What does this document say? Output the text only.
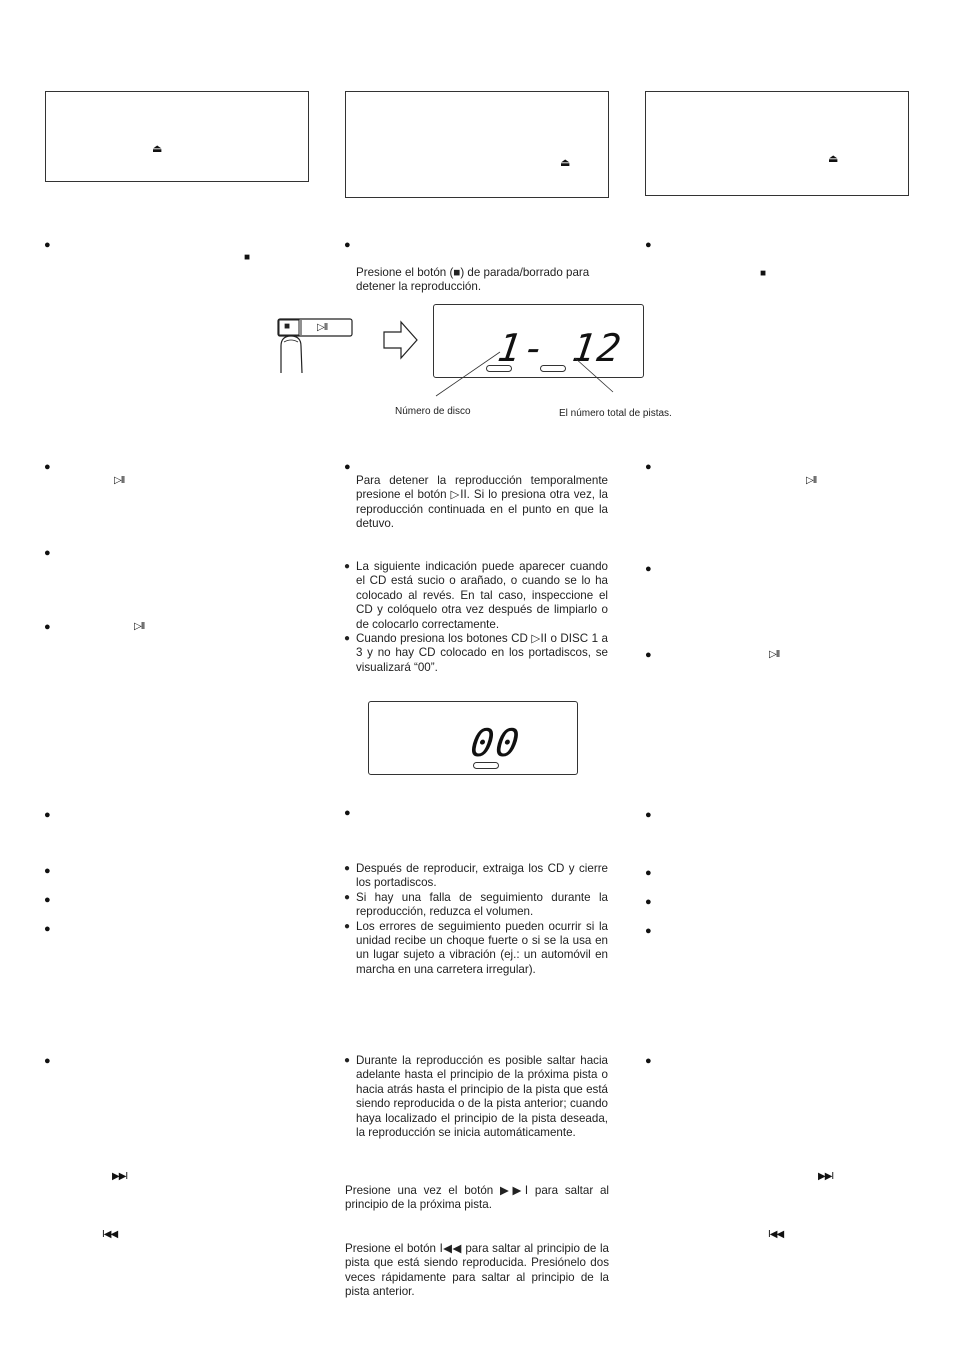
⏏
⏏	⏏
●
■
●
▷II
●
●	▷II
●
●
●
●
●
▶▶I
I◀◀
●
■
●
▷II
●
●	▷II
●
●
●
●
●
▶▶I
I◀◀
●
Presione el botón (■) de parada/borrado para detener la reproducción.
■	▷II	1- 12
Número de disco	El número total de pistas.
●
Para detener la reproducción temporalmente presione el botón ▷II. Si lo presiona otra vez, la reproducción continuada en el punto en que la detuvo.
● La siguiente indicación puede aparecer cuando el CD está sucio o arañado, o cuando se lo ha colocado al revés. En tal caso, inspeccione el CD y colóquelo otra vez después de limpiarlo o de colocarlo correctamente.
● Cuando presiona los botones CD ▷II o DISC 1 a 3 y no hay CD colocado en los portadiscos, se visualizará “00”.
00
●
● Después de reproducir, extraiga los CD y cierre los portadiscos.
● Si hay una falla de seguimiento durante la reproducción, reduzca el volumen.
● Los errores de seguimiento pueden ocurrir si la unidad recibe un choque fuerte o si se la usa en un lugar sujeto a vibración (ej.: un automóvil en marcha en una carretera irregular).
● Durante la reproducción es posible saltar hacia adelante hasta el principio de la próxima pista o hacia atrás hasta el principio de la pista que está siendo reproducida o de la pista anterior; cuando haya localizado el principio de la pista deseada, la reproducción se inicia automáticamente.
Presione una vez el botón ▶▶I para saltar al principio de la próxima pista.
Presione el botón I◀◀ para saltar al principio de la pista que está siendo reproducida. Presiónelo dos veces rápidamente para saltar al principio de la pista anterior.
